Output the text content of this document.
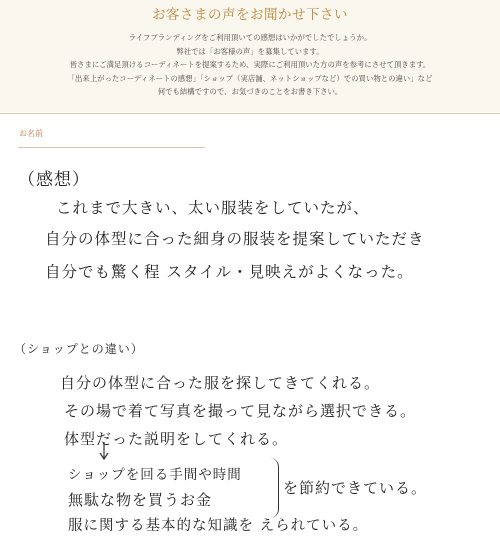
お客さまの声をお聞かせ下さい
ライフブランディングをご利用頂いての感想はいかがでしたでしょうか。
弊社では「お客様の声」を募集しています。
皆さまにご満足頂けるコーディネートを提案するため、実際にご利用頂いた方の声を参考にさせて頂きます。
「出来上がったコーディネートの感想」「ショップ（実店舗、ネットショップなど）での買い物との違い」など
何でも結構ですので、お気づきのことをお書き下さい。
お名前
（感想）
これまで大きい、太い服装をしていたが、
自分の体型に合った細身の服装を提案していただき
自分でも驚く程 スタイル・見映えがよくなった。
（ショップとの違い）
自分の体型に合った服を探してきてくれる。
その場で着て写真を撮って見ながら選択できる。
体型だった説明をしてくれる。
ショップを回る手間や時間
無駄な物を買うお金
を節約できている。
服に関する基本的な知識を えられている。
